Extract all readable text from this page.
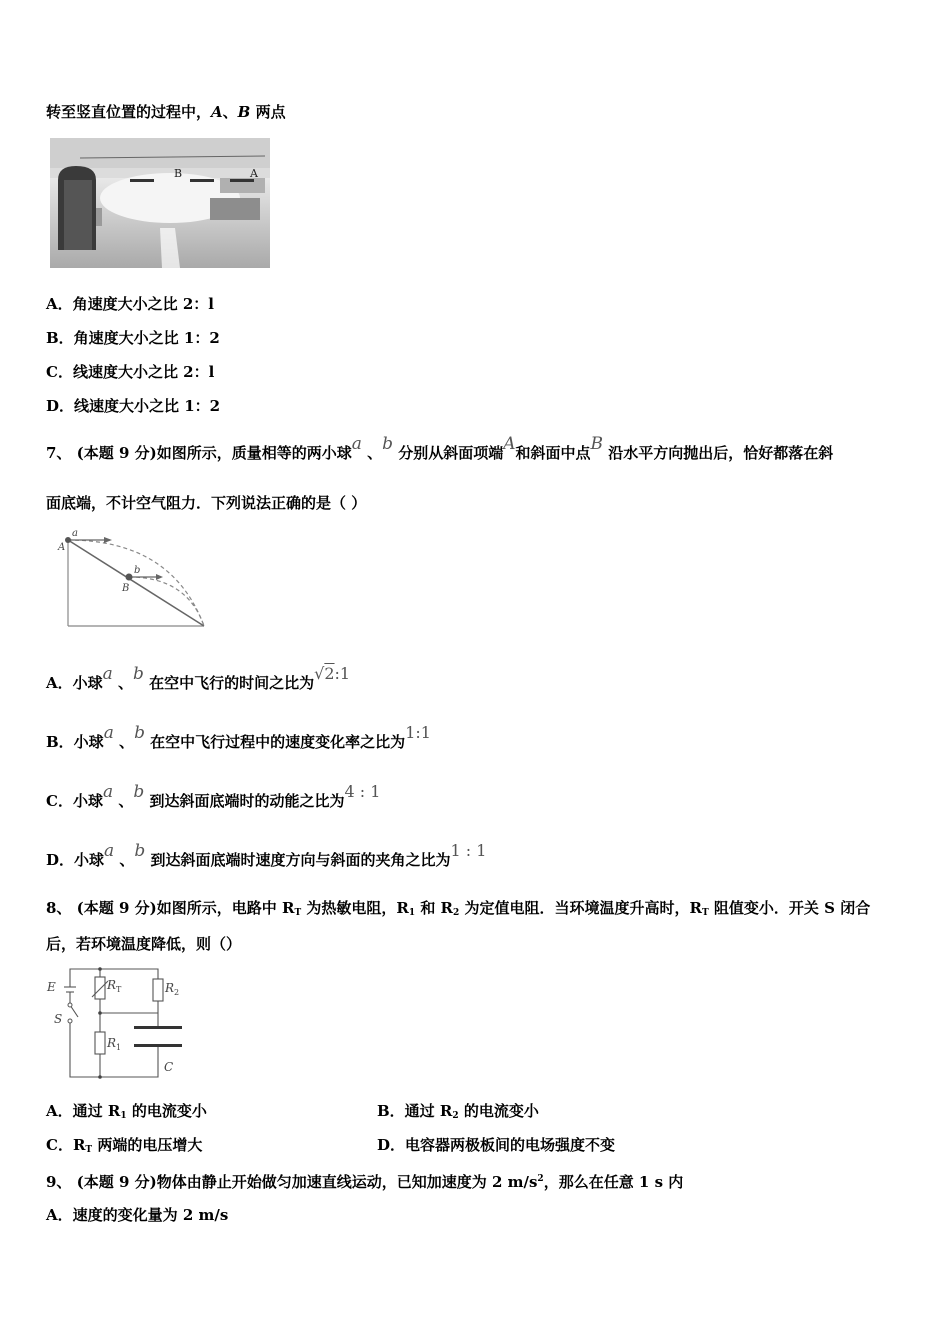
转至竖直位置的过程中，A、B 两点
B	A
A．角速度大小之比 2：l
B．角速度大小之比 1：2
C．线速度大小之比 2：l
D．线速度大小之比 1：2
7、 (本题 9 分)如图所示，质量相等的两小球a 、b 分别从斜面项端A和斜面中点B 沿水平方向抛出后，恰好都落在斜
面底端，不计空气阻力．下列说法正确的是（ ）
a
A
b
B
A．小球a 、b 在空中飞行的时间之比为√2:1
B．小球a 、b 在空中飞行过程中的速度变化率之比为1:1
C．小球a 、b 到达斜面底端时的动能之比为4 : 1
D．小球a 、b 到达斜面底端时速度方向与斜面的夹角之比为1 : 1
8、 (本题 9 分)如图所示，电路中 $R_T$ 为热敏电阻，$R_1$ 和 $R_2$ 为定值电阻．当环境温度升高时，$R_T$ 阻值变小．开关 S 闭合
后，若环境温度降低，则（）
E
S
$R_T$
$R_1$
$R_2$
C
A．通过 $R_1$ 的电流变小	B．通过 $R_2$ 的电流变小
C．$R_T$ 两端的电压增大	D．电容器两极板间的电场强度不变
9、 (本题 9 分)物体由静止开始做匀加速直线运动，已知加速度为 2 $m/s^2$，那么在任意 1 s 内
A．速度的变化量为 2 m/s
